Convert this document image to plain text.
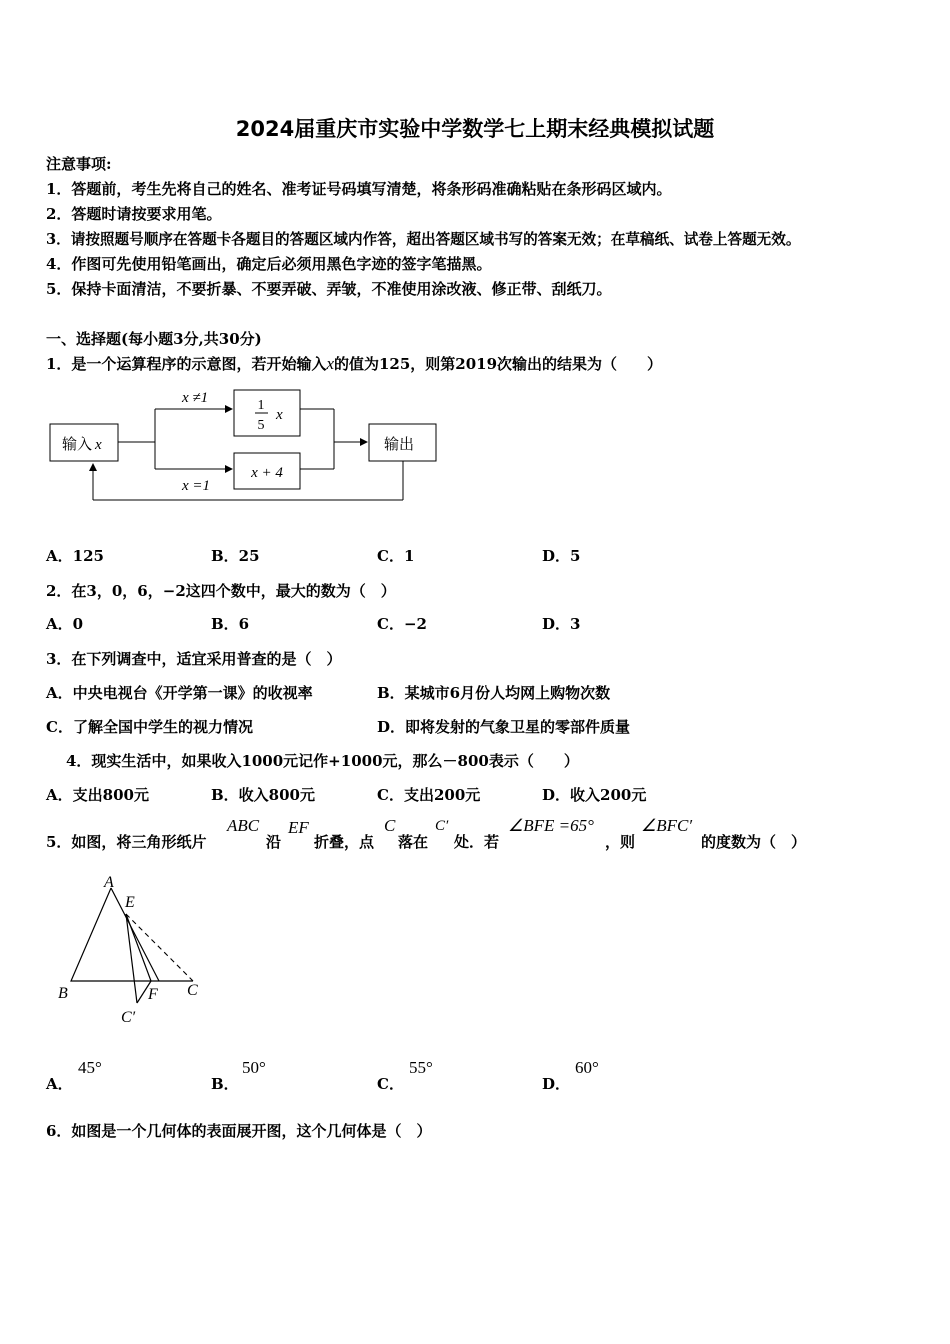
2024届重庆市实验中学数学七上期末经典模拟试题
注意事项:
1．答题前，考生先将自己的姓名、准考证号码填写清楚，将条形码准确粘贴在条形码区域内。
2．答题时请按要求用笔。
3．请按照题号顺序在答题卡各题目的答题区域内作答，超出答题区域书写的答案无效；在草稿纸、试卷上答题无效。
4．作图可先使用铅笔画出，确定后必须用黑色字迹的签字笔描黑。
5．保持卡面清洁，不要折暴、不要弄破、弄皱，不准使用涂改液、修正带、刮纸刀。
一、选择题(每小题3分,共30分)
1．是一个运算程序的示意图，若开始输入x的值为125，则第2019次输出的结果为（　　）
输入 x
x ≠1
x =1
1
5
x
x + 4
输出
A．125	B．25	C．1	D．5
2．在3，0，6，−2这四个数中，最大的数为（　）
A．0	B．6	C．−2	D．3
3．在下列调查中，适宜采用普查的是（　）
A．中央电视台《开学第一课》的收视率	B．某城市6月份人均网上购物次数
C．了解全国中学生的视力情况	D．即将发射的气象卫星的零部件质量
4．现实生活中，如果收入1000元记作+1000元，那么－800表示（　　）
A．支出800元	B．收入800元	C．支出200元	D．收入200元
5．如图，将三角形纸片
ABC
沿
EF
折叠，点
C
落在
C′
处．若
∠BFE =65°
，则
∠BFC′
的度数为（　）
A
E
B	F C
C′
A．
45°
B．
50°
C．
55°
D．
60°
6．如图是一个几何体的表面展开图，这个几何体是（　）
